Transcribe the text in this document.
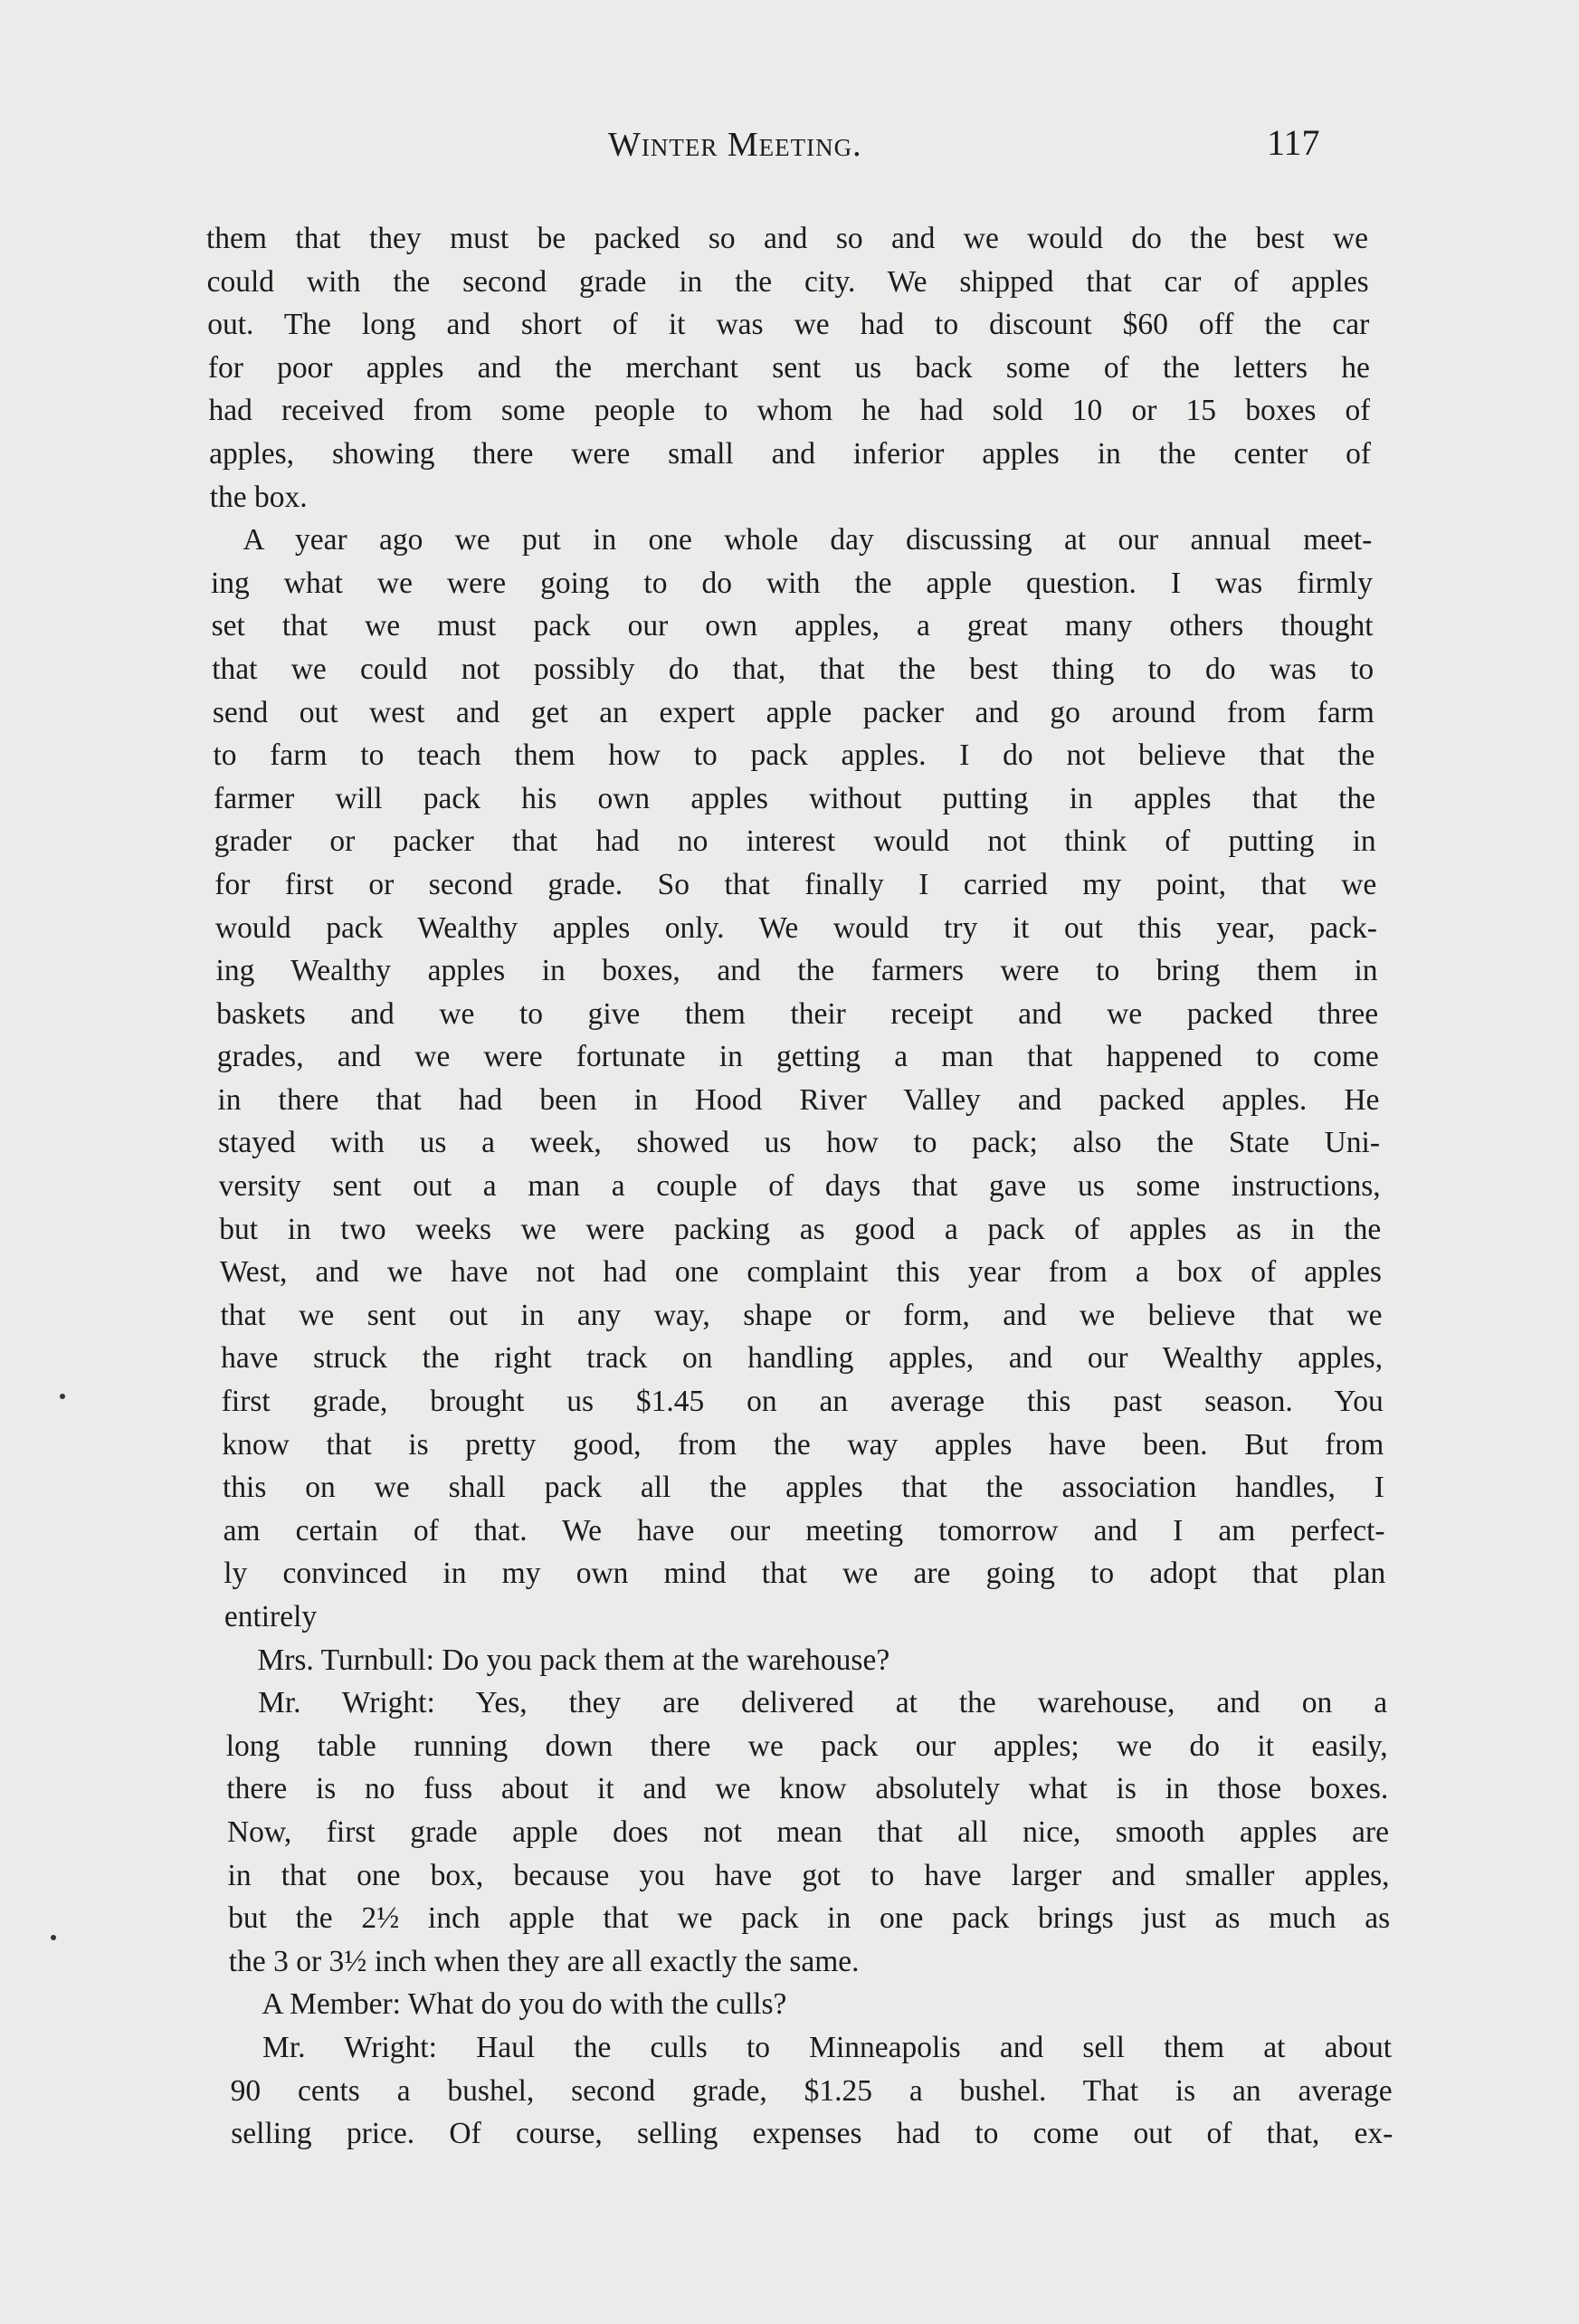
Winter Meeting.	117
them that they must be packed so and so and we would do the best we
could with the second grade in the city. We shipped that car of apples
out. The long and short of it was we had to discount $60 off the car
for poor apples and the merchant sent us back some of the letters he
had received from some people to whom he had sold 10 or 15 boxes of
apples, showing there were small and inferior apples in the center of
the box.
A year ago we put in one whole day discussing at our annual meet-
ing what we were going to do with the apple question. I was firmly
set that we must pack our own apples, a great many others thought
that we could not possibly do that, that the best thing to do was to
send out west and get an expert apple packer and go around from farm
to farm to teach them how to pack apples. I do not believe that the
farmer will pack his own apples without putting in apples that the
grader or packer that had no interest would not think of putting in
for first or second grade. So that finally I carried my point, that we
would pack Wealthy apples only. We would try it out this year, pack-
ing Wealthy apples in boxes, and the farmers were to bring them in
baskets and we to give them their receipt and we packed three
grades, and we were fortunate in getting a man that happened to come
in there that had been in Hood River Valley and packed apples. He
stayed with us a week, showed us how to pack; also the State Uni-
versity sent out a man a couple of days that gave us some instructions,
but in two weeks we were packing as good a pack of apples as in the
West, and we have not had one complaint this year from a box of apples
that we sent out in any way, shape or form, and we believe that we
have struck the right track on handling apples, and our Wealthy apples,
first grade, brought us $1.45 on an average this past season. You
know that is pretty good, from the way apples have been. But from
this on we shall pack all the apples that the association handles, I
am certain of that. We have our meeting tomorrow and I am perfect-
ly convinced in my own mind that we are going to adopt that plan
entirely
Mrs. Turnbull: Do you pack them at the warehouse?
Mr. Wright: Yes, they are delivered at the warehouse, and on a
long table running down there we pack our apples; we do it easily,
there is no fuss about it and we know absolutely what is in those boxes.
Now, first grade apple does not mean that all nice, smooth apples are
in that one box, because you have got to have larger and smaller apples,
but the 2½ inch apple that we pack in one pack brings just as much as
the 3 or 3½ inch when they are all exactly the same.
A Member: What do you do with the culls?
Mr. Wright: Haul the culls to Minneapolis and sell them at about
90 cents a bushel, second grade, $1.25 a bushel. That is an average
selling price. Of course, selling expenses had to come out of that, ex-
